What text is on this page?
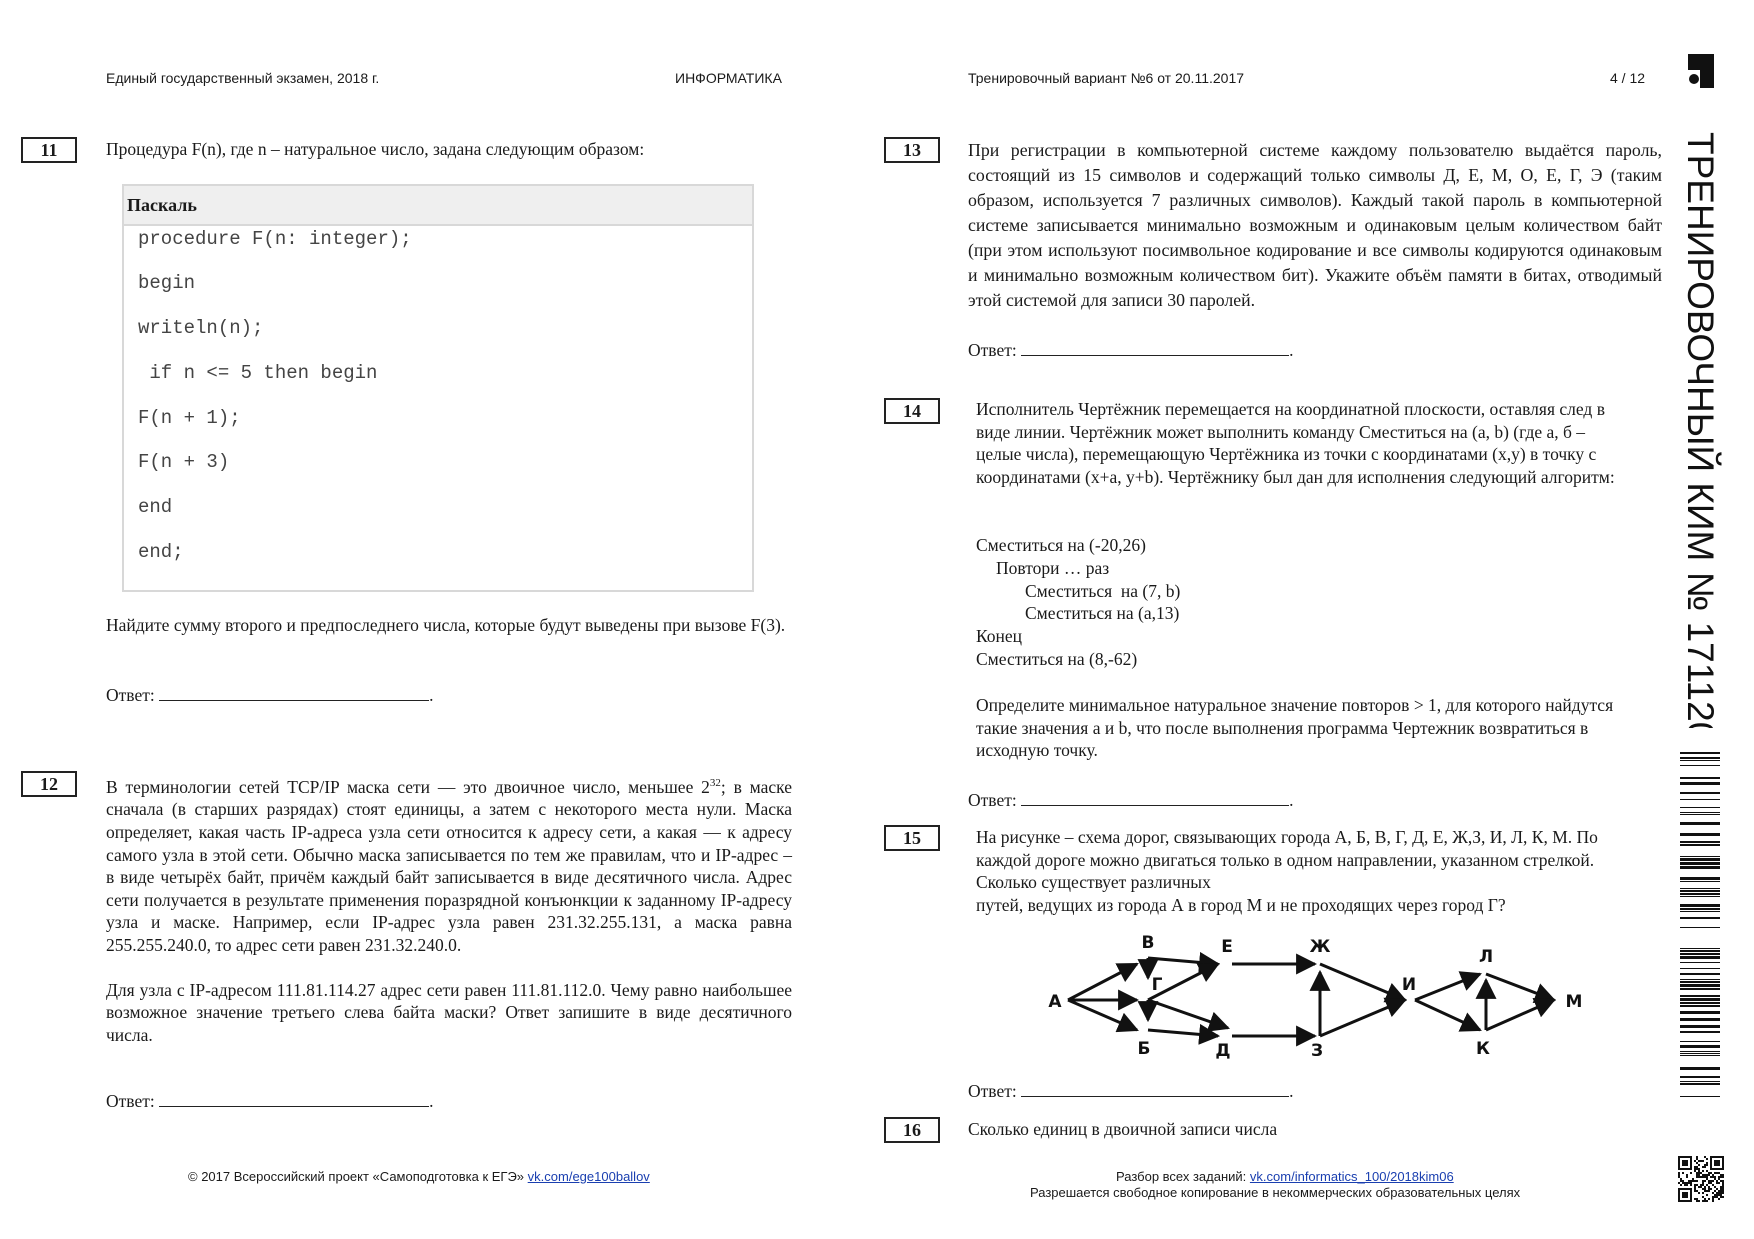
Единый государственный экзамен, 2018 г.	ИНФОРМАТИКА	Тренировочный вариант №6 от 20.11.2017	4 / 12
ТРЕНИРОВОЧНЫЙ КИМ № 171120
11	Процедура F(n), где n – натуральное число, задана следующим образом:
Паскаль
procedure F(n: integer);
begin
writeln(n);
if n <= 5 then begin
F(n + 1);
F(n + 3)
end
end;
Найдите сумму второго и предпоследнего числа, которые будут выведены при вызове F(3).
Ответ:	.
12	В терминологии сетей TCP/IP маска сети — это двоичное число, меньшее $2^{32}$; в маске сначала (в старших разрядах) стоят единицы, а затем с некоторого места нули. Маска определяет, какая часть IP-адреса узла сети относится к адресу сети, а какая — к адресу самого узла в этой сети. Обычно маска записывается по тем же правилам, что и IP-адрес – в виде четырёх байт, причём каждый байт записывается в виде десятичного числа. Адрес сети получается в результате применения поразрядной конъюнкции к заданному IP-адресу узла и маске. Например, если IP-адрес узла равен 231.32.255.131, а маска равна 255.255.240.0, то адрес сети равен 231.32.240.0.

Для узла с IP-адресом 111.81.114.27 адрес сети равен 111.81.112.0. Чему равно наибольшее возможное значение третьего слева байта маски? Ответ запишите в виде десятичного числа.

Ответ:	.
13	При регистрации в компьютерной системе каждому пользователю выдаётся пароль, состоящий из 15 символов и содержащий только символы Д, Е, М, О, Е, Г, Э (таким образом, используется 7 различных символов). Каждый такой пароль в компьютерной системе записывается минимально возможным и одинаковым целым количеством байт (при этом используют посимвольное кодирование и все символы кодируются одинаковым и минимально возможным количеством бит). Укажите объём памяти в битах, отводимый этой системой для записи 30 паролей.
Ответ:	.
14	Исполнитель Чертёжник перемещается на координатной плоскости, оставляя след в виде линии. Чертёжник может выполнить команду Сместиться на (a, b) (где a, б – целые числа), перемещающую Чертёжника из точки с координатами (x,y) в точку с координатами (x+a, y+b). Чертёжнику был дан для исполнения следующий алгоритм:
Сместиться на (-20,26)
Повтори … раз
Сместиться  на (7, b)
Сместиться на (a,13)
Конец
Сместиться на (8,-62)
Определите минимальное натуральное значение повторов > 1, для которого найдутся такие значения a и b, что после выполнения программа Чертежник возвратиться в исходную точку.
Ответ:	.
15	На рисунке – схема дорог, связывающих города А, Б, В, Г, Д, Е, Ж,З, И, Л, К, М. По каждой дороге можно двигаться только в одном направлении, указанном стрелкой. Сколько существует различных

путей, ведущих из города А в город М и не проходящих через город Г?

А
В
Г
Б
Е
Д
Ж
З
И
Л
К
М
Ответ:	.
16	Сколько единиц в двоичной записи числа
© 2017 Всероссийский проект «Самоподготовка к ЕГЭ» vk.com/ege100ballov	Разбор всех заданий: vk.com/informatics_100/2018kim06
Разрешается свободное копирование в некоммерческих образовательных целях
